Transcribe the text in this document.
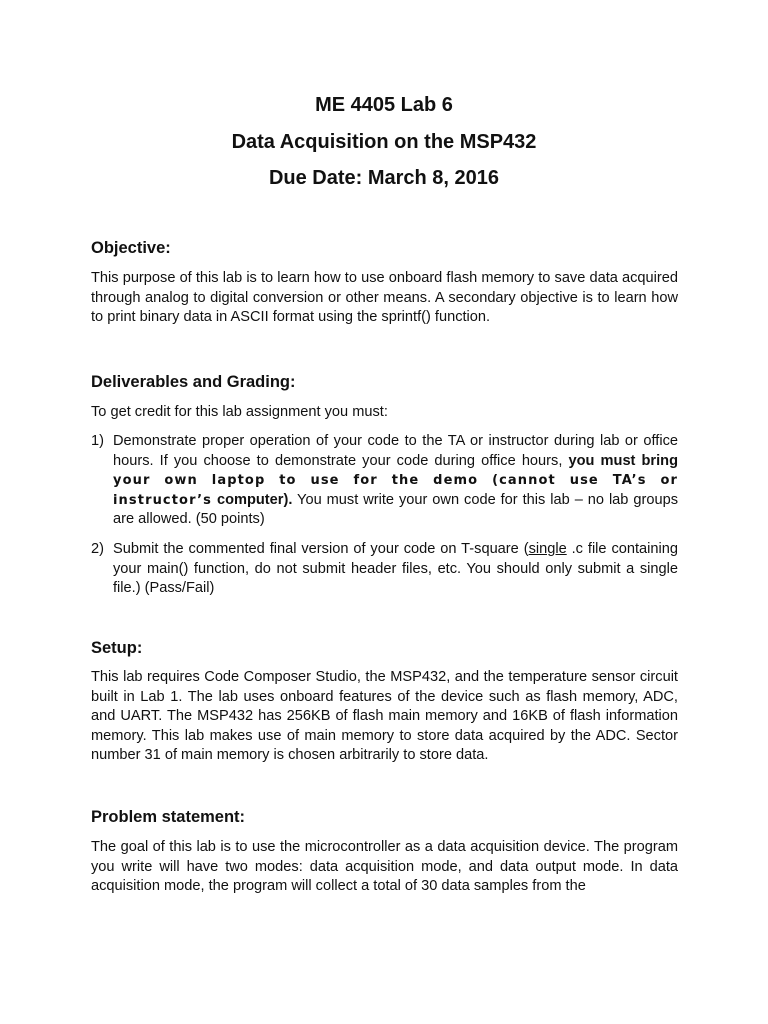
ME 4405 Lab 6
Data Acquisition on the MSP432
Due Date: March 8, 2016
Objective:
This purpose of this lab is to learn how to use onboard flash memory to save data acquired through analog to digital conversion or other means. A secondary objective is to learn how to print binary data in ASCII format using the sprintf() function.
Deliverables and Grading:
To get credit for this lab assignment you must:
1) Demonstrate proper operation of your code to the TA or instructor during lab or office hours. If you choose to demonstrate your code during office hours, you must bring your own laptop to use for the demo (cannot use TA’s or instructor’s computer). You must write your own code for this lab – no lab groups are allowed. (50 points)
2) Submit the commented final version of your code on T-square (single .c file containing your main() function, do not submit header files, etc. You should only submit a single file.) (Pass/Fail)
Setup:
This lab requires Code Composer Studio, the MSP432, and the temperature sensor circuit built in Lab 1. The lab uses onboard features of the device such as flash memory, ADC, and UART. The MSP432 has 256KB of flash main memory and 16KB of flash information memory. This lab makes use of main memory to store data acquired by the ADC. Sector number 31 of main memory is chosen arbitrarily to store data.
Problem statement:
The goal of this lab is to use the microcontroller as a data acquisition device. The program you write will have two modes: data acquisition mode, and data output mode. In data acquisition mode, the program will collect a total of 30 data samples from the
